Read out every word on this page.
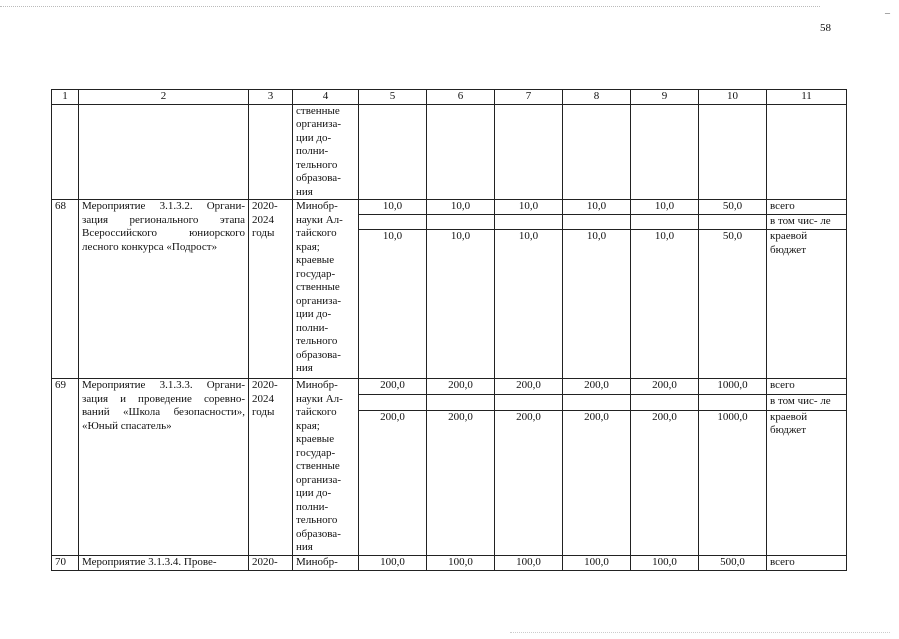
–
58
1	2	3	4	5	6	7	8	9	10	11
			ственные организа- ции до- полни- тельного образова- ния							
68	Мероприятие 3.1.3.2. Органи- зация регионального этапа Всероссийского юниорского лесного конкурса «Подрост»	2020- 2024 годы	Минобр- науки Ал- тайского края; краевые государ- ственные организа- ции до- полни- тельного образова- ния	10,0	10,0	10,0	10,0	10,0	50,0	всего
										в том чис- ле
				10,0	10,0	10,0	10,0	10,0	50,0	краевой бюджет
69	Мероприятие 3.1.3.3. Органи- зация и проведение соревно- ваний «Школа безопасности», «Юный спасатель»	2020- 2024 годы	Минобр- науки Ал- тайского края; краевые государ- ственные организа- ции до- полни- тельного образова- ния	200,0	200,0	200,0	200,0	200,0	1000,0	всего
										в том чис- ле
				200,0	200,0	200,0	200,0	200,0	1000,0	краевой бюджет
70	Мероприятие 3.1.3.4. Прове-	2020-	Минобр-	100,0	100,0	100,0	100,0	100,0	500,0	всего
